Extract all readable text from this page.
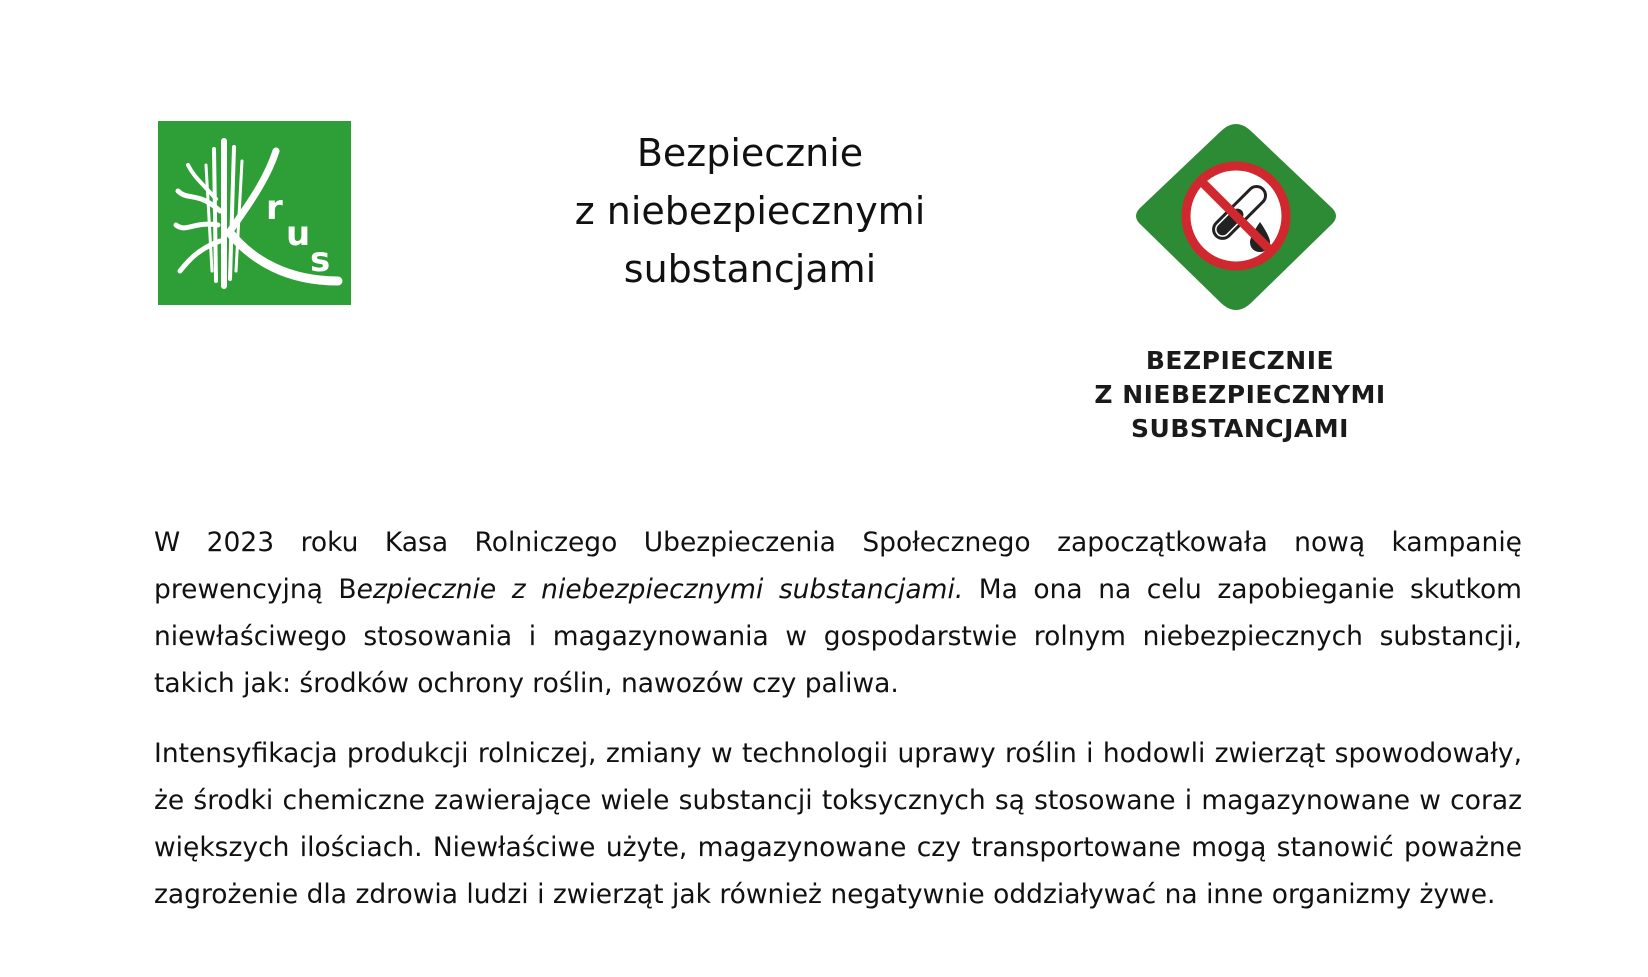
r
u
s
Bezpiecznie
z niebezpiecznymi
substancjami
BEZPIECZNIE
Z NIEBEZPIECZNYMI
SUBSTANCJAMI

W 2023 roku Kasa Rolniczego Ubezpieczenia Społecznego zapoczątkowała nową kampanię prewencyjną Bezpiecznie z niebezpiecznymi substancjami. Ma ona na celu zapobieganie skutkom niewłaściwego stosowania i magazynowania w gospodarstwie rolnym niebezpiecznych substancji, takich jak: środków ochrony roślin, nawozów czy paliwa.

Intensyfikacja produkcji rolniczej, zmiany w technologii uprawy roślin i hodowli zwierząt spowodowały, że środki chemiczne zawierające wiele substancji toksycznych są stosowane i magazynowane w coraz większych ilościach. Niewłaściwe użyte, magazynowane czy transportowane mogą stanowić poważne zagrożenie dla zdrowia ludzi i zwierząt jak również negatywnie oddziaływać na inne organizmy żywe.
